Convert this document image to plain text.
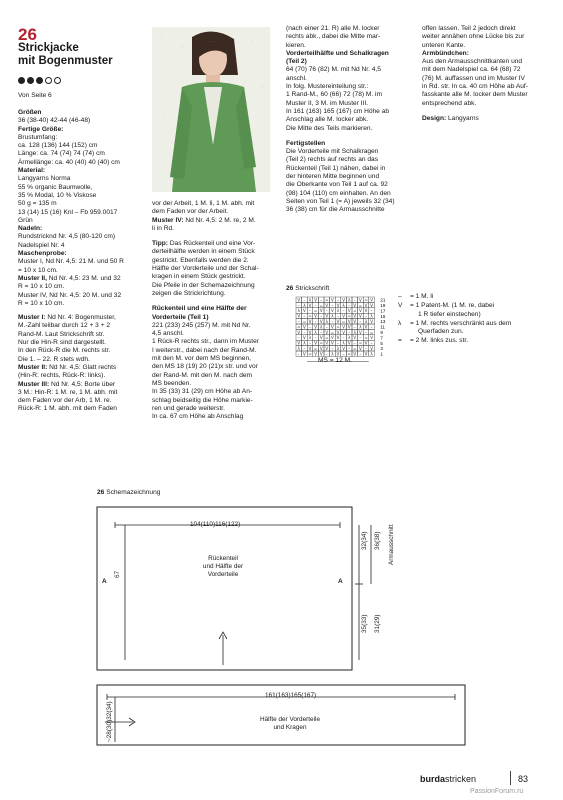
26
Strickjacke
mit Bogenmuster
Von Seite 6
Größen
36 (38-40) 42-44 (46-48)
Fertige Größe:
Brustumfang:
ca. 128 (136) 144 (152) cm
Länge: ca. 74 (74) 74 (74) cm
Ärmellänge: ca. 40 (40) 40 (40) cm
Material:
Langyarns Norma
55 % organic Baumwolle,
35 % Modal, 10 % Viskose
50 g = 135 m
13 (14) 15 (16) Knl – Fb 959.0017
Grün
Nadeln:
Rundstricknd Nr. 4,5 (80-120 cm)
Nadelspiel Nr. 4
Maschenprobe:
Muster I, Nd Nr. 4,5: 21 M. und 50 R
= 10 x 10 cm.
Muster II, Nd Nr. 4,5: 23 M. und 32
R = 10 x 10 cm.
Muster IV, Nd Nr. 4,5: 20 M. und 32
R = 10 x 10 cm.
Muster I: Nd Nr. 4: Bogenmuster,
M.-Zahl teilbar durch 12 + 3 + 2
Rand-M. Laut Strickschrift str.
Nur die Hin-R sind dargestellt.
In den Rück-R die M. rechts str.
Die 1. – 22. R stets wdh.
Muster II: Nd Nr. 4,5: Glatt rechts
(Hin-R: rechts, Rück-R: links).
Muster III: Nd Nr. 4,5: Borte über
3 M.: Hin-R: 1 M. re, 1 M. abh. mit
dem Faden vor der Arb, 1 M. re.
Rück-R: 1 M. abh. mit dem Faden
vor der Arbeit, 1 M. li, 1 M. abh. mit
dem Faden vor der Arbeit.
Muster IV: Nd Nr. 4,5: 2 M. re, 2 M.
li in Rd.
Tipp: Das Rückenteil und eine Vor-
derteilhälfte werden in einem Stück
gestrickt. Ebenfalls werden die 2.
Hälfte der Vorderteile und der Schal-
kragen in einem Stück gestrickt.
Die Pfeile in der Schemazeichnung
zeigen die Strickrichtung.
Rückenteil und eine Hälfte der
Vorderteile (Teil 1)
221 (233) 245 (257) M. mit Nd Nr.
4,5 anschl.
1 Rück-R rechts str., dann im Muster
I weiterstr., dabei nach der Rand-M.
mit den M. vor dem MS beginnen,
den MS 18 (19) 20 (21)x str. und vor
der Rand-M. mit den M. nach dem
MS beenden.
In 35 (33) 31 (29) cm Höhe ab An-
schlag beidseitig die Höhe markie-
ren und gerade weiterstr.
In ca. 67 cm Höhe ab Anschlag
(nach einer 21. R) alle M. locker
rechts abk., dabei die Mitte mar-
kieren.
Vorderteilhälfte und Schalkragen
(Teil 2)
64 (70) 76 (82) M. mit Nd Nr. 4,5
anschl.
In folg. Mustereinteilung str.:
1 Rand-M., 60 (66) 72 (78) M. im
Muster II, 3 M. im Muster III.
In 161 (163) 165 (167) cm Höhe ab
Anschlag alle M. locker abk.
Die Mitte des Teils markieren.
Fertigstellen
Die Vorderteile mit Schalkragen
(Teil 2) rechts auf rechts an das
Rückenteil (Teil 1) nähen, dabei in
der hinteren Mitte beginnen und
die Oberkante von Teil 1 auf ca. 92
(98) 104 (110) cm einhalten. An den
Seiten von Teil 1 (= A) jeweils 32 (34)
36 (38) cm für die Armausschnitte
offen lassen. Teil 2 jedoch direkt
weiter annähen ohne Lücke bis zur
unteren Kante.
Armbündchen:
Aus den Armausschnittkanten und
mit dem Nadelspiel ca. 64 (68) 72
(76) M. auffassen und im Muster IV
in Rd. str. In ca. 40 cm Höhe ab Auf-
fasskante alle M. locker dem Muster
entsprechend abk.
Design: Langyarns
26 Strickschrift
V – λ V – = V – V λ – V = V 21
– λ V – = V – V λ – V = V V 19
λ V – = V – V λ – V = V V – 17
V – = V – V λ – V = V V – λ 15
– = V – V λ – V = V V – λ V 13
= V – V λ – V = V V – λ V – 11
V – V λ – V = V V – λ V – = 9
– V λ – V = V V – λ V – = V 7
V λ – V = V V – λ V – = V – 5
λ – V = V V – λ V – = V – V 3
– V = V V – λ V – = V – V λ 1
MS = 12 M.
–	= 1 M. li
V	= 1 Patent-M. (1 M. re, dabei
1 R tiefer einstechen)
λ	= 1 M. rechts verschränkt aus dem
Querfaden zun.
=	= 2 M. links zus. str.
26 Schemazeichnung
104(110)116(122)
Rückenteil
und Hälfte der
Vorderteile
A	A
67
32(34) 36(38) Armausschnitt
35(33) 31(29)
161(163)165(167)
Hälfte der Vorderteile
und Kragen
~28(30)32(34)
burdastricken	83
PassionForum.ru
